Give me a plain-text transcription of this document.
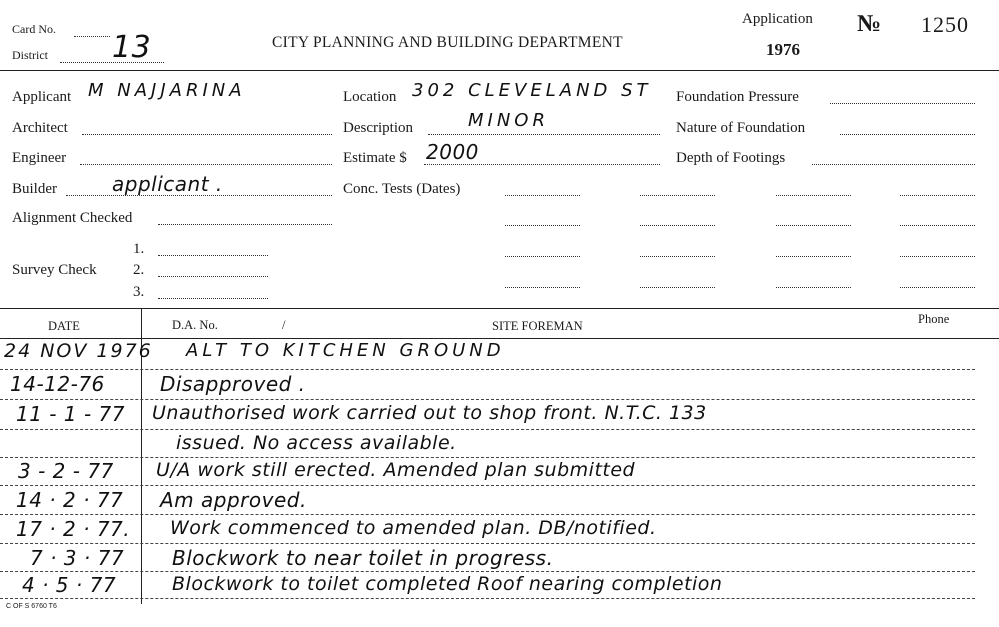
Card No.
District 13	CITY PLANNING AND BUILDING DEPARTMENT
Application
1976
№ 1250
Applicant M NAJJARINA
Architect
Engineer
Builder	applicant .
Alignment Checked
Survey Check
1.
2.
3.
Location 302 CLEVELAND ST
Description	MINOR
Estimate $ 2000
Conc. Tests (Dates)
Foundation Pressure
Nature of Foundation
Depth of Footings
DATE	D.A. No.	/	SITE FOREMAN	Phone
24 NOV 1976 ALT TO KITCHEN GROUND
14-12-76	Disapproved .
11 - 1 - 77 Unauthorised work carried out to shop front. N.T.C. 133
issued. No access available.
3 - 2 - 77 U/A work still erected. Amended plan submitted
14 · 2 · 77 Am approved.
17 · 2 · 77. Work commenced to amended plan. DB/notified.
7 · 3 · 77 Blockwork to near toilet in progress.
4 · 5 · 77	Blockwork to toilet completed Roof nearing completion
C OF S 6760 T6
